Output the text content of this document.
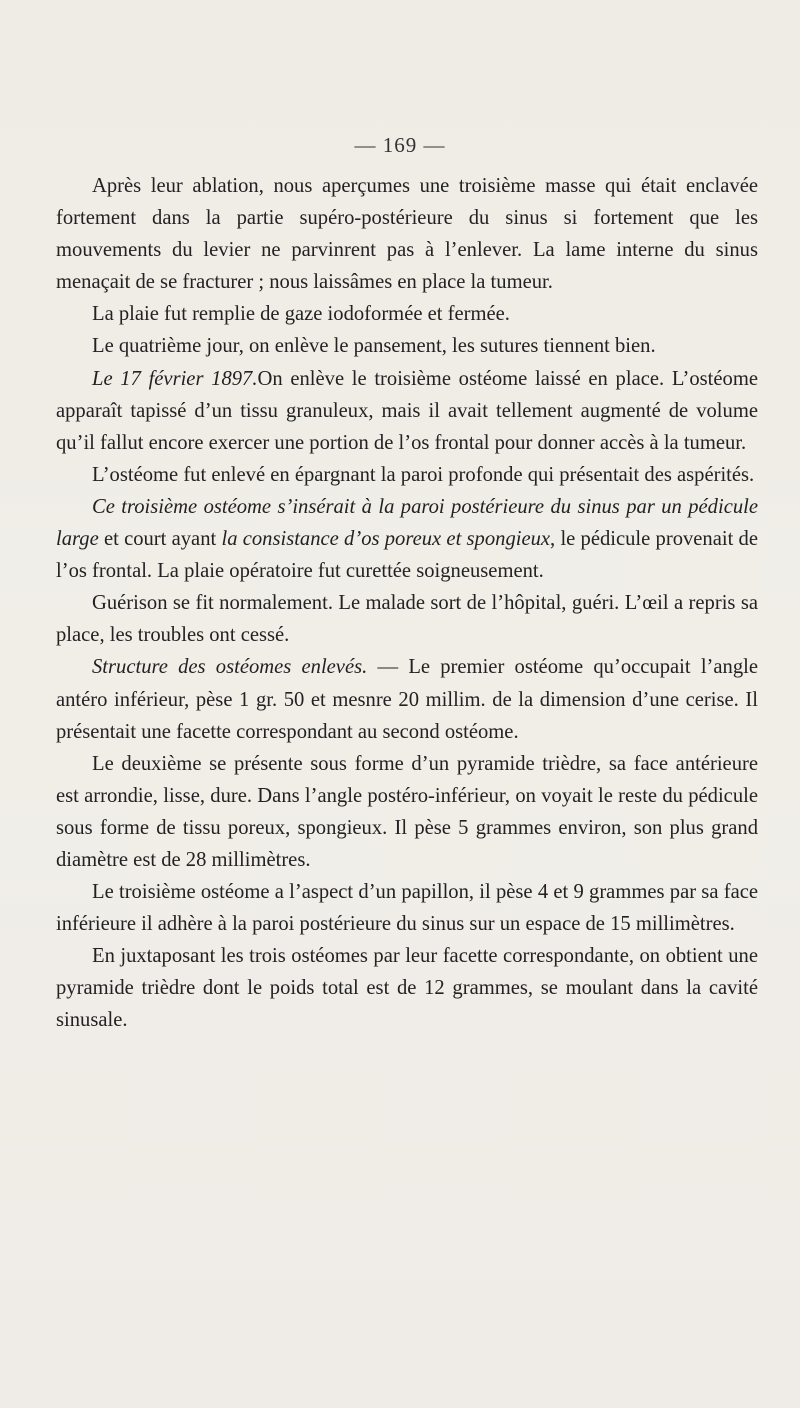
— 169 —

Après leur ablation, nous aperçumes une troisième masse qui était enclavée fortement dans la partie supéro-postérieure du sinus si fortement que les mouvements du levier ne parvinrent pas à l’enlever. La lame interne du sinus menaçait de se fracturer ; nous laissâmes en place la tumeur.

La plaie fut remplie de gaze iodoformée et fermée.

Le quatrième jour, on enlève le pansement, les sutures tiennent bien.

Le 17 février 1897.On enlève le troisième ostéome laissé en place. L’ostéome apparaît tapissé d’un tissu granuleux, mais il avait tellement augmenté de volume qu’il fallut encore exercer une portion de l’os frontal pour donner accès à la tumeur.

L’ostéome fut enlevé en épargnant la paroi profonde qui présentait des aspérités.

Ce troisième ostéome s’insérait à la paroi postérieure du sinus par un pédicule large et court ayant la consistance d’os poreux et spongieux, le pédicule provenait de l’os frontal. La plaie opératoire fut curettée soigneusement.

Guérison se fit normalement. Le malade sort de l’hôpital, guéri. L’œil a repris sa place, les troubles ont cessé.

Structure des ostéomes enlevés. — Le premier ostéome qu’occupait l’angle antéro inférieur, pèse 1 gr. 50 et mesnre 20 millim. de la dimension d’une cerise. Il présentait une facette correspondant au second ostéome.

Le deuxième se présente sous forme d’un pyramide trièdre, sa face antérieure est arrondie, lisse, dure. Dans l’angle postéro-inférieur, on voyait le reste du pédicule sous forme de tissu poreux, spongieux. Il pèse 5 grammes environ, son plus grand diamètre est de 28 millimètres.

Le troisième ostéome a l’aspect d’un papillon, il pèse 4 et 9 grammes par sa face inférieure il adhère à la paroi postérieure du sinus sur un espace de 15 millimètres.

En juxtaposant les trois ostéomes par leur facette correspondante, on obtient une pyramide trièdre dont le poids total est de 12 grammes, se moulant dans la cavité sinusale.
